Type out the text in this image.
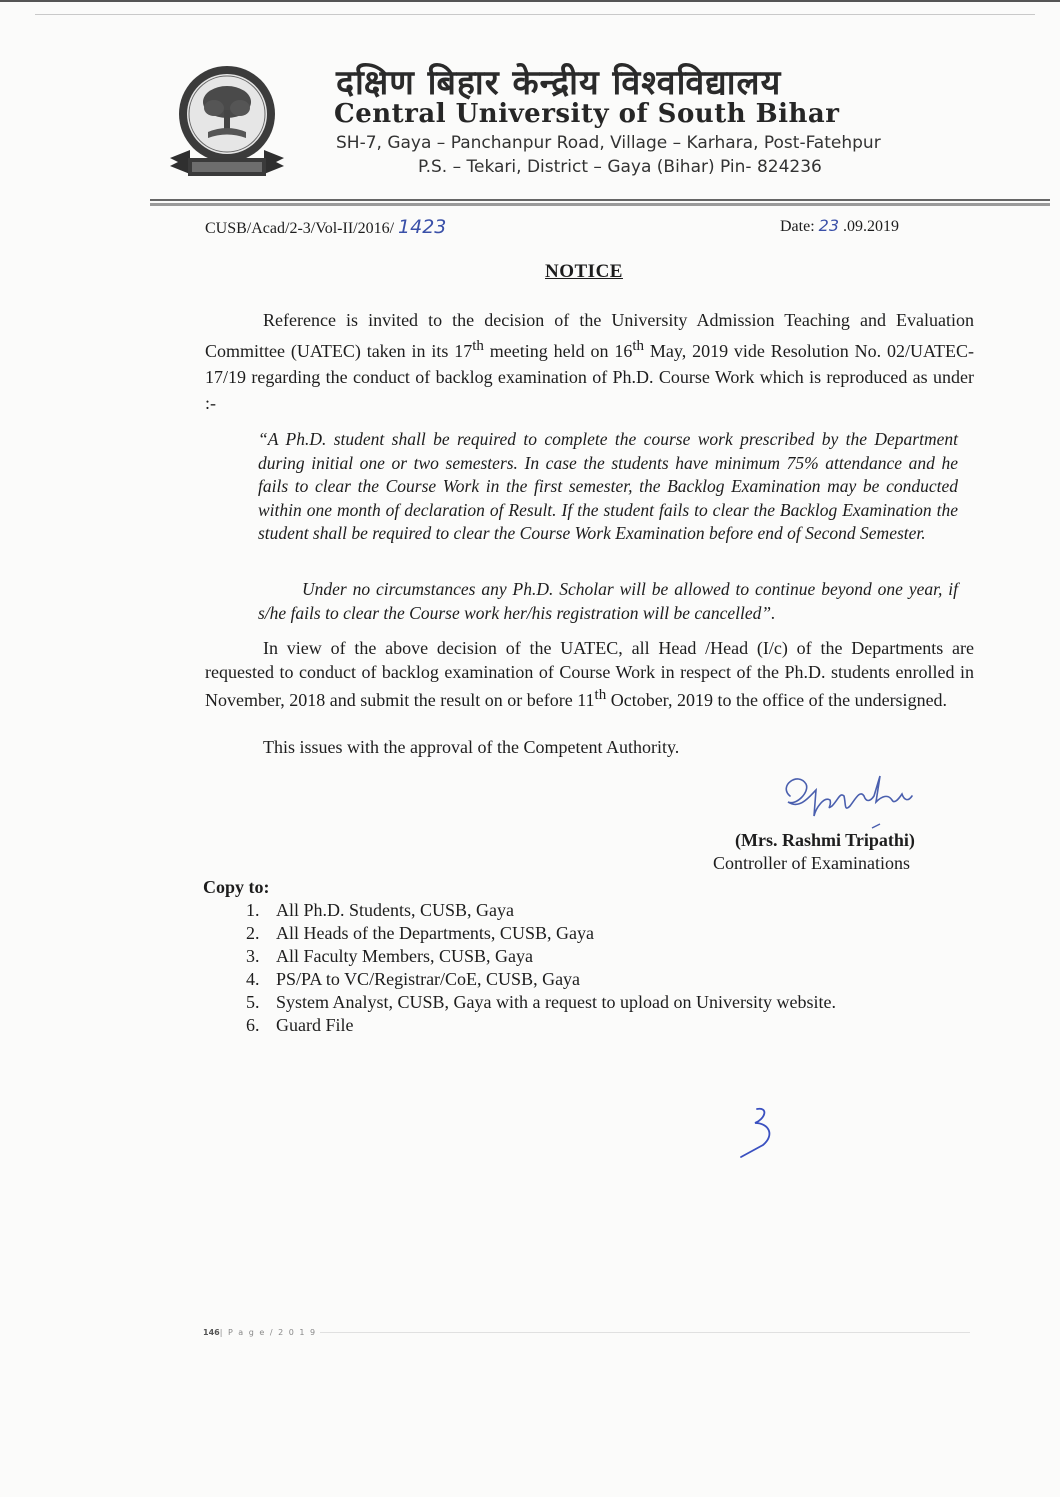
दक्षिण बिहार केन्द्रीय विश्वविद्यालय
Central University of South Bihar
SH-7, Gaya – Panchanpur Road, Village – Karhara, Post-Fatehpur
P.S. – Tekari, District – Gaya (Bihar) Pin- 824236
CUSB/Acad/2-3/Vol-II/2016/ 1423	Date: 23 .09.2019
NOTICE
Reference is invited to the decision of the University Admission Teaching and Evaluation Committee (UATEC) taken in its 17th meeting held on 16th May, 2019 vide Resolution No. 02/UATEC-17/19 regarding the conduct of backlog examination of Ph.D. Course Work which is reproduced as under :-
“A Ph.D. student shall be required to complete the course work prescribed by the Department during initial one or two semesters. In case the students have minimum 75% attendance and he fails to clear the Course Work in the first semester, the Backlog Examination may be conducted within one month of declaration of Result. If the student fails to clear the Backlog Examination the student shall be required to clear the Course Work Examination before end of Second Semester.
Under no circumstances any Ph.D. Scholar will be allowed to continue beyond one year, if s/he fails to clear the Course work her/his registration will be cancelled”.
In view of the above decision of the UATEC, all Head /Head (I/c) of the Departments are requested to conduct of backlog examination of Course Work in respect of the Ph.D. students enrolled in November, 2018 and submit the result on or before 11th October, 2019 to the office of the undersigned.
This issues with the approval of the Competent Authority.
(Mrs. Rashmi Tripathi)
Controller of Examinations
Copy to:
1. All Ph.D. Students, CUSB, Gaya
2. All Heads of the Departments, CUSB, Gaya
3. All Faculty Members, CUSB, Gaya
4. PS/PA to VC/Registrar/CoE, CUSB, Gaya
5. System Analyst, CUSB, Gaya with a request to upload on University website.
6. Guard File
146| P a g e / 2 0 1 9
